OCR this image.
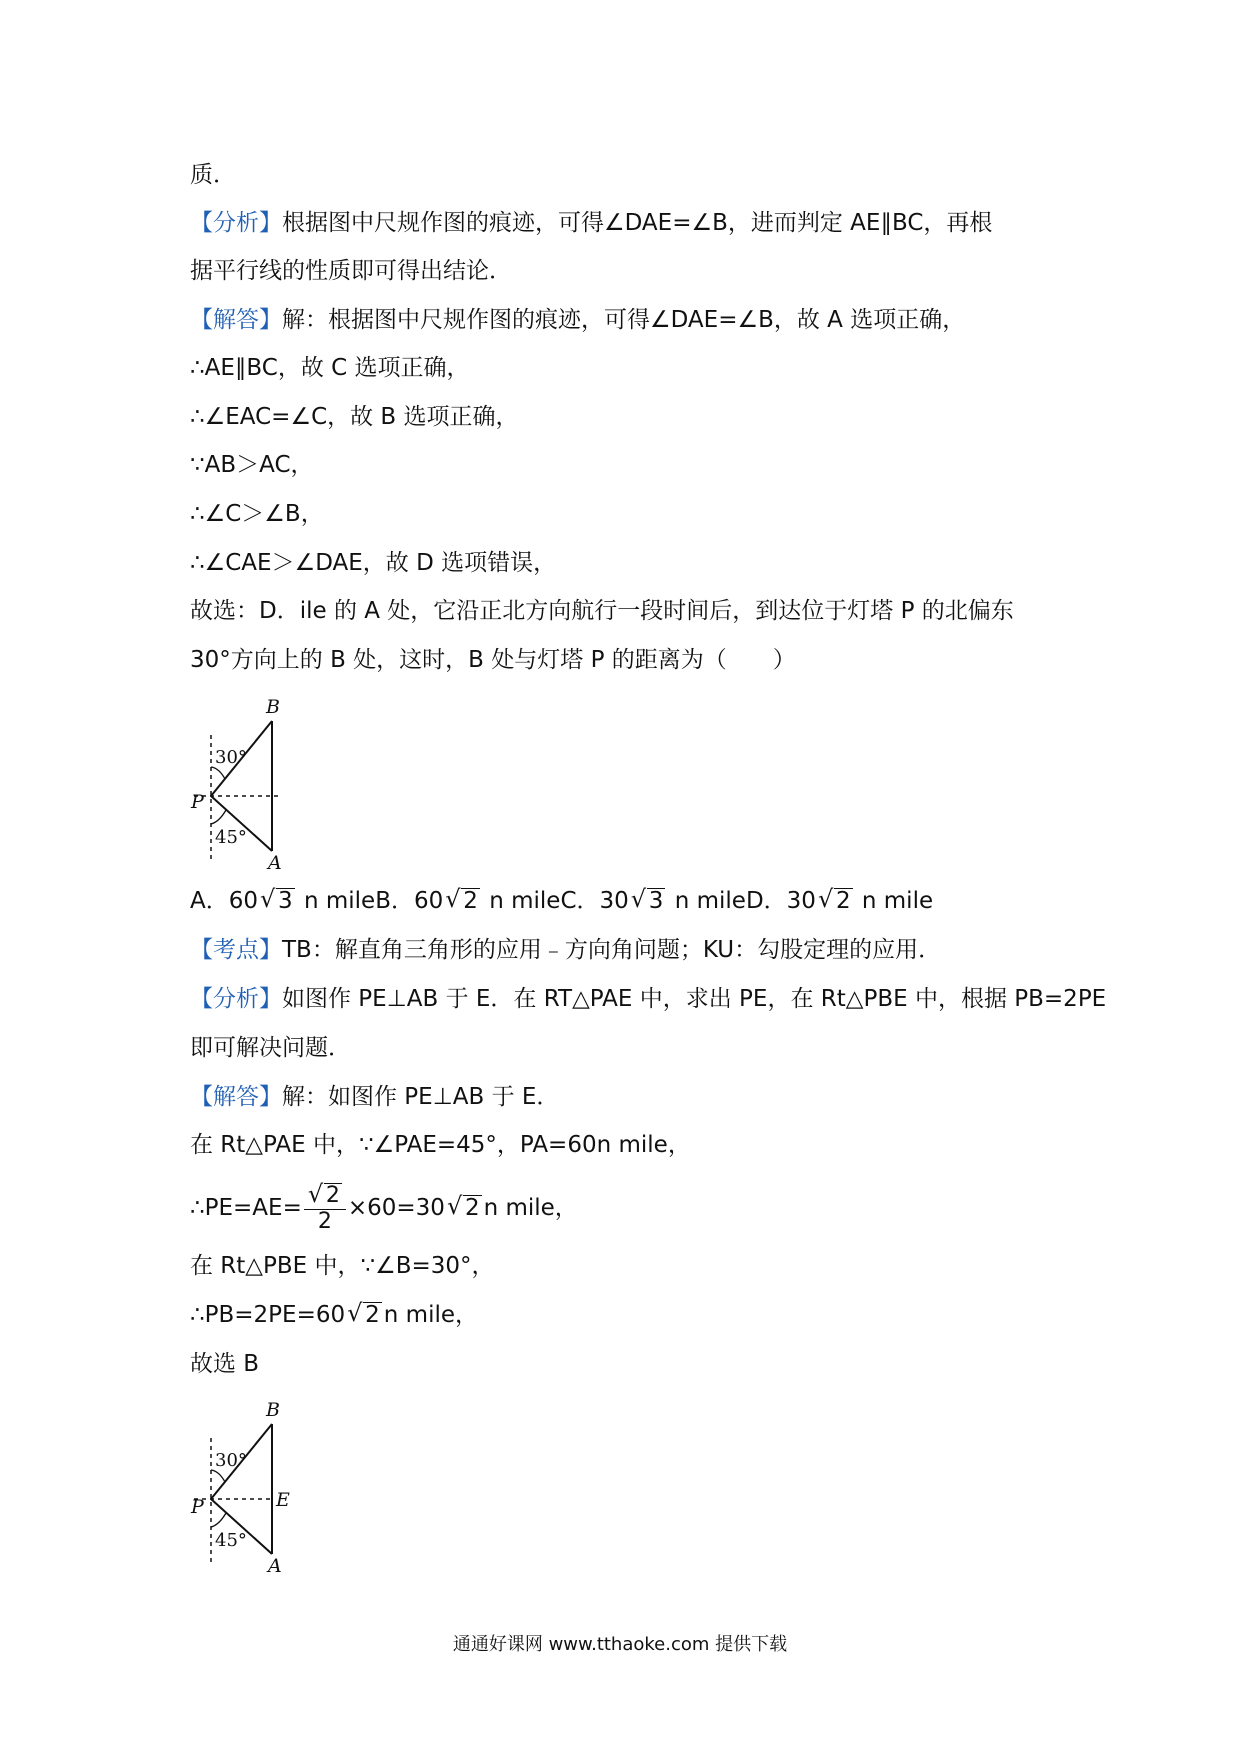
质．
【分析】根据图中尺规作图的痕迹，可得∠DAE=∠B，进而判定 AE∥BC，再根
据平行线的性质即可得出结论．
【解答】解：根据图中尺规作图的痕迹，可得∠DAE=∠B，故 A 选项正确，
∴AE∥BC，故 C 选项正确，
∴∠EAC=∠C，故 B 选项正确，
∵AB＞AC，
∴∠C＞∠B，
∴∠CAE＞∠DAE，故 D 选项错误，
故选：D．ile 的 A 处，它沿正北方向航行一段时间后，到达位于灯塔 P 的北偏东
30°方向上的 B 处，这时，B 处与灯塔 P 的距离为（　　）
B
P
A
30°
45°
A．60 √ 3 n mileB．60 √ 2 n mileC．30 √ 3 n mileD．30 √ 2 n mile
【考点】TB：解直角三角形的应用﹣方向角问题；KU：勾股定理的应用．
【分析】如图作 PE⊥AB 于 E．在 RT△PAE 中，求出 PE，在 Rt△PBE 中，根据 PB=2PE
即可解决问题．
【解答】解：如图作 PE⊥AB 于 E．
在 Rt△PAE 中，∵∠PAE=45°，PA=60n mile，
∴PE=AE= $\frac{√ 2}{2} \times 60=30$ √ 2 n mile，
在 Rt△PBE 中，∵∠B=30°，
∴PB=2PE=60 √ 2 n mile，
故选 B
B
P
A
E
30°
45°
通通好课网 www.tthaoke.com 提供下载
